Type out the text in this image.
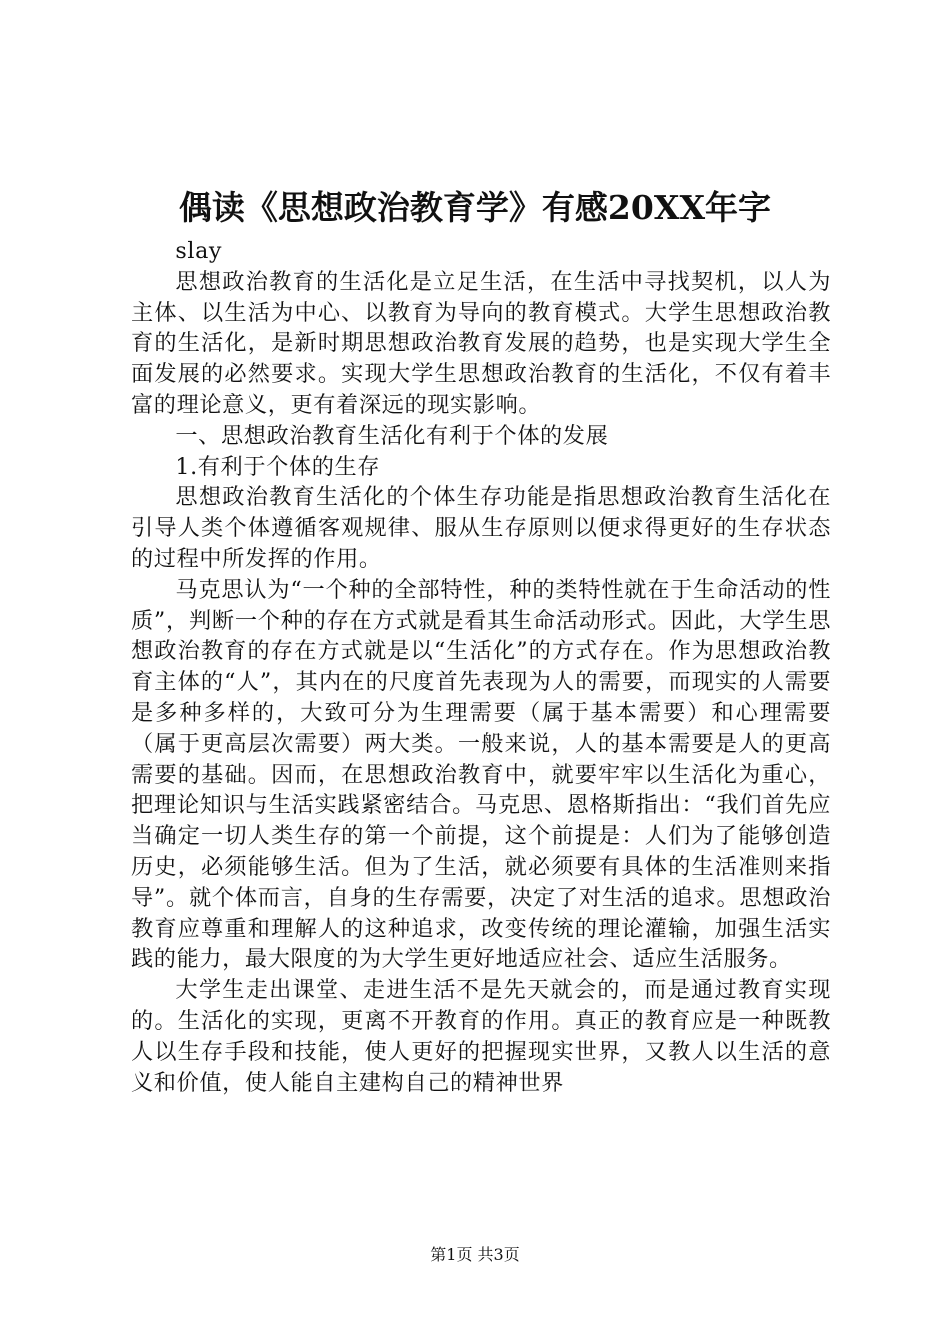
偶读《思想政治教育学》有感20XX年字

slay

思想政治教育的生活化是立足生活，在生活中寻找契机，以人为主体、以生活为中心、以教育为导向的教育模式。大学生思想政治教育的生活化，是新时期思想政治教育发展的趋势，也是实现大学生全面发展的必然要求。实现大学生思想政治教育的生活化，不仅有着丰富的理论意义，更有着深远的现实影响。

一、思想政治教育生活化有利于个体的发展

1.有利于个体的生存

思想政治教育生活化的个体生存功能是指思想政治教育生活化在引导人类个体遵循客观规律、服从生存原则以便求得更好的生存状态的过程中所发挥的作用。

马克思认为“一个种的全部特性，种的类特性就在于生命活动的性质”，判断一个种的存在方式就是看其生命活动形式。因此，大学生思想政治教育的存在方式就是以“生活化”的方式存在。作为思想政治教育主体的“人”，其内在的尺度首先表现为人的需要，而现实的人需要是多种多样的，大致可分为生理需要（属于基本需要）和心理需要（属于更高层次需要）两大类。一般来说，人的基本需要是人的更高需要的基础。因而，在思想政治教育中，就要牢牢以生活化为重心，把理论知识与生活实践紧密结合。马克思、恩格斯指出：“我们首先应当确定一切人类生存的第一个前提，这个前提是：人们为了能够创造历史，必须能够生活。但为了生活，就必须要有具体的生活准则来指导”。就个体而言，自身的生存需要，决定了对生活的追求。思想政治教育应尊重和理解人的这种追求，改变传统的理论灌输，加强生活实践的能力，最大限度的为大学生更好地适应社会、适应生活服务。

大学生走出课堂、走进生活不是先天就会的，而是通过教育实现的。生活化的实现，更离不开教育的作用。真正的教育应是一种既教人以生存手段和技能，使人更好的把握现实世界，又教人以生活的意义和价值，使人能自主建构自己的精神世界

第1页 共3页
